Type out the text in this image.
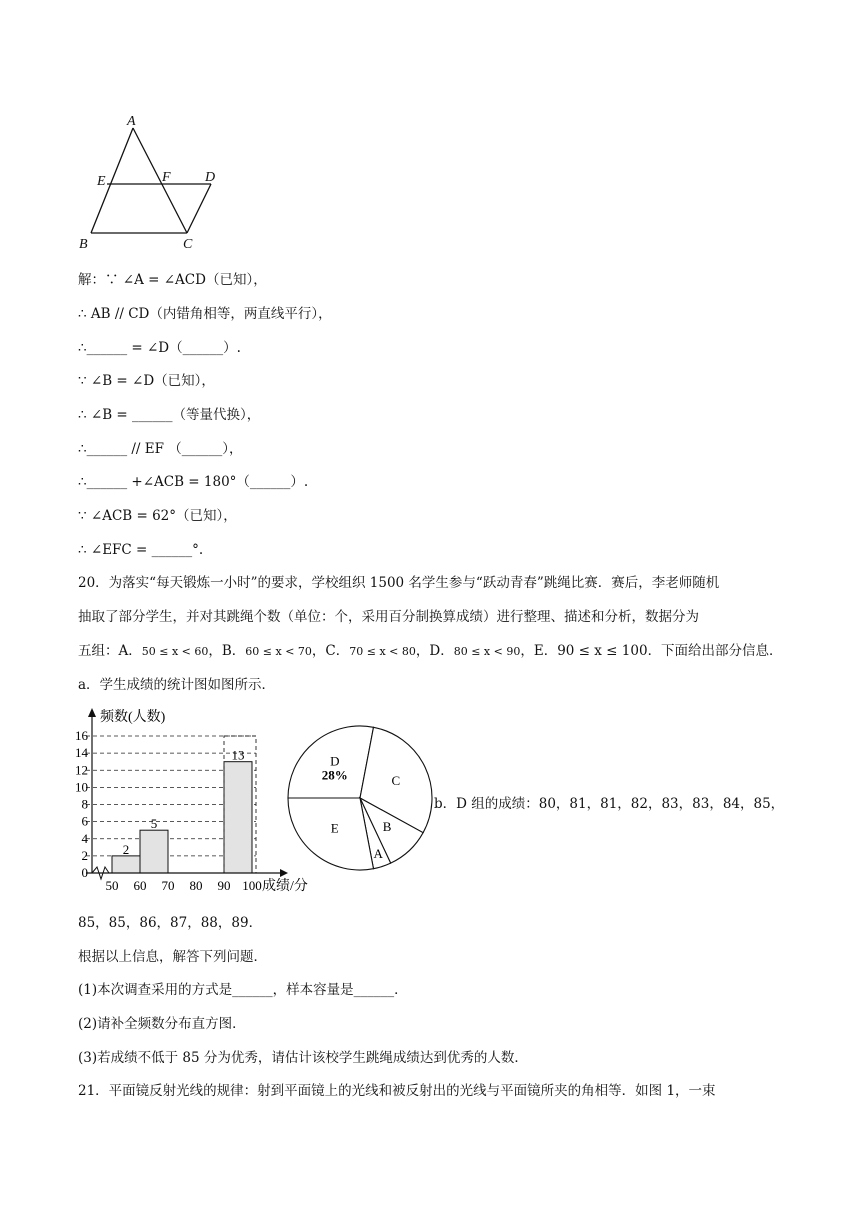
A
E	F D
B	C
解：∵ ∠A = ∠ACD（已知），
∴ AB // CD（内错角相等，两直线平行），
∴______ = ∠D（______）.
∵ ∠B = ∠D（已知），
∴ ∠B = ______（等量代换），
∴______ // EF （______），
∴______ +∠ACB = 180°（______）.
∵ ∠ACB = 62°（已知），
∴ ∠EFC = ______°.
20．为落实“每天锻炼一小时”的要求，学校组织 1500 名学生参与“跃动青春”跳绳比赛．赛后，李老师随机
抽取了部分学生，并对其跳绳个数（单位：个，采用百分制换算成绩）进行整理、描述和分析，数据分为
五组：A．50 ≤ x < 60，B．60 ≤ x < 70，C．70 ≤ x < 80，D．80 ≤ x < 90，E．90 ≤ x ≤ 100．下面给出部分信息．
a．学生成绩的统计图如图所示．
2
5
13
0
2
4
6
8
10
12
14
16
50 60 70 80 90 100
频数(人数)
成绩/分
D
28%	C
B
A
E
b．D 组的成绩：80，81，81，82，83，83，84，85，
85，85，86，87，88，89．
根据以上信息，解答下列问题．
(1)本次调查采用的方式是______，样本容量是______．
(2)请补全频数分布直方图．
(3)若成绩不低于 85 分为优秀，请估计该校学生跳绳成绩达到优秀的人数．
21．平面镜反射光线的规律：射到平面镜上的光线和被反射出的光线与平面镜所夹的角相等．如图 1，一束
